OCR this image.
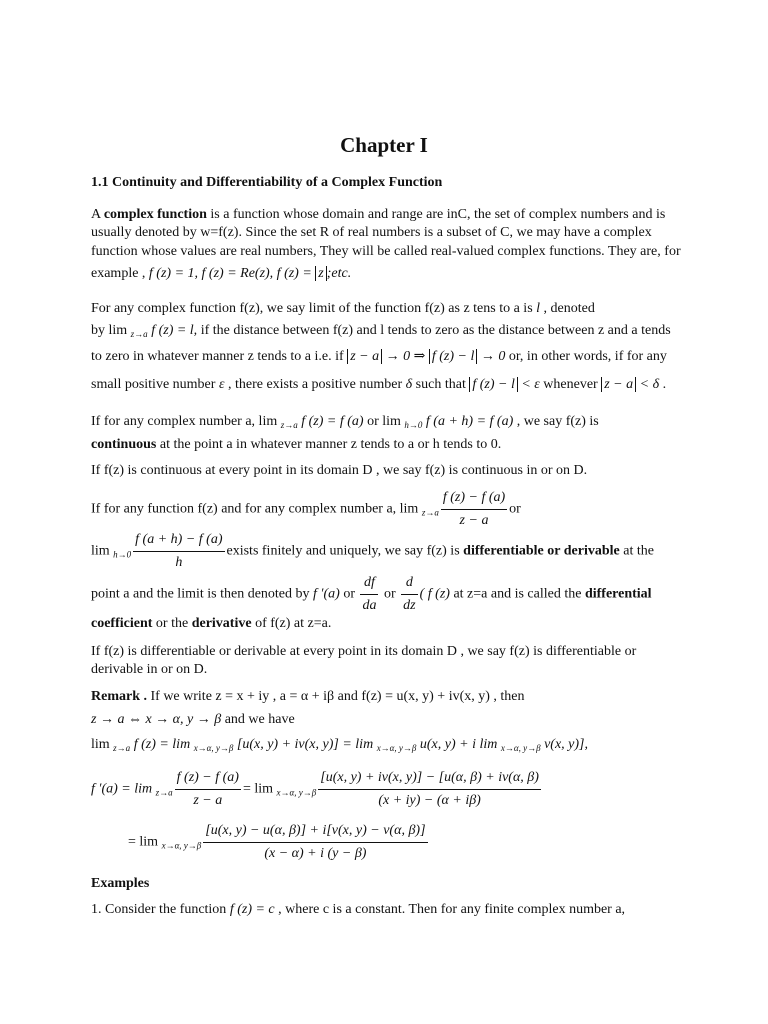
Chapter I
1.1 Continuity and Differentiability of a Complex Function
A complex function is a function whose domain and range are inC, the set of complex numbers and is
usually denoted by w=f(z). Since the set R of real numbers is a subset of C, we may have a complex
function whose values are real numbers, They will be called real-valued complex functions. They are, for
example , f (z) = 1, f (z) = Re(z), f (z) = z ;etc.
For any complex function f(z), we say limit of the function f(z) as z tens to a is l , denoted
by lim $_{z\to a}$ f (z) = l, if the distance between f(z) and l tends to zero as the distance between z and a tends
to zero in whatever manner z tends to a i.e. if z − a → 0 ⇒ f (z) − l → 0 or, in other words, if for any
small positive number ε , there exists a positive number δ such that f (z) − l < ε whenever z − a < δ .
If for any complex number a, lim $_{z\to a}$ f (z) = f (a) or lim $_{h\to 0}$ f (a + h) = f (a) , we say f(z) is
continuous at the point a in whatever manner z tends to a or h tends to 0.
If f(z) is continuous at every point in its domain D , we say f(z) is continuous in or on D.
If for any function f(z) and for any complex number a, $\lim _{z\to a} \frac{f (z) - f (a)}{z - a}$ or
$\lim _{h\to 0} \frac{f (a + h) - f (a)}{h}$ exists finitely and uniquely, we say f(z) is differentiable or derivable at the
point a and the limit is then denoted by f ′(a) or $\frac{df}{da}$ or $\frac{d}{dz}$ ( f (z) at z=a and is called the differential
coefficient or the derivative of f(z) at z=a.
If f(z) is differentiable or derivable at every point in its domain D , we say f(z) is differentiable or
derivable in or on D.
Remark . If we write z = x + iy , a = α + iβ and f(z) = u(x, y) + iv(x, y) , then
z → a ⇔ x → α, y → β and we have
lim $_{z\to a}$ f (z) = lim $_{x\to\alpha, y\to\beta}$ [u(x, y) + iv(x, y)] = lim $_{x\to\alpha, y\to\beta}$ u(x, y) + i lim $_{x\to\alpha, y\to\beta}$ v(x, y)],
f $'(a) = \lim _{z\to a} \frac{f (z) - f (a)}{z - a} = \lim _{x\to\alpha, y\to\beta} \frac{[u(x, y) + iv(x, y)] - [u(\alpha, \beta) + iv(\alpha, \beta)}{(x + iy) - (\alpha + i\beta)}$
= $\lim _{x\to\alpha, y\to\beta} \frac{[u(x, y) - u(\alpha, \beta)] + i[v(x, y) - v(\alpha, \beta)]}{(x - \alpha) + i (y - \beta)}$
Examples
1. Consider the function f (z) = c , where c is a constant. Then for any finite complex number a,
